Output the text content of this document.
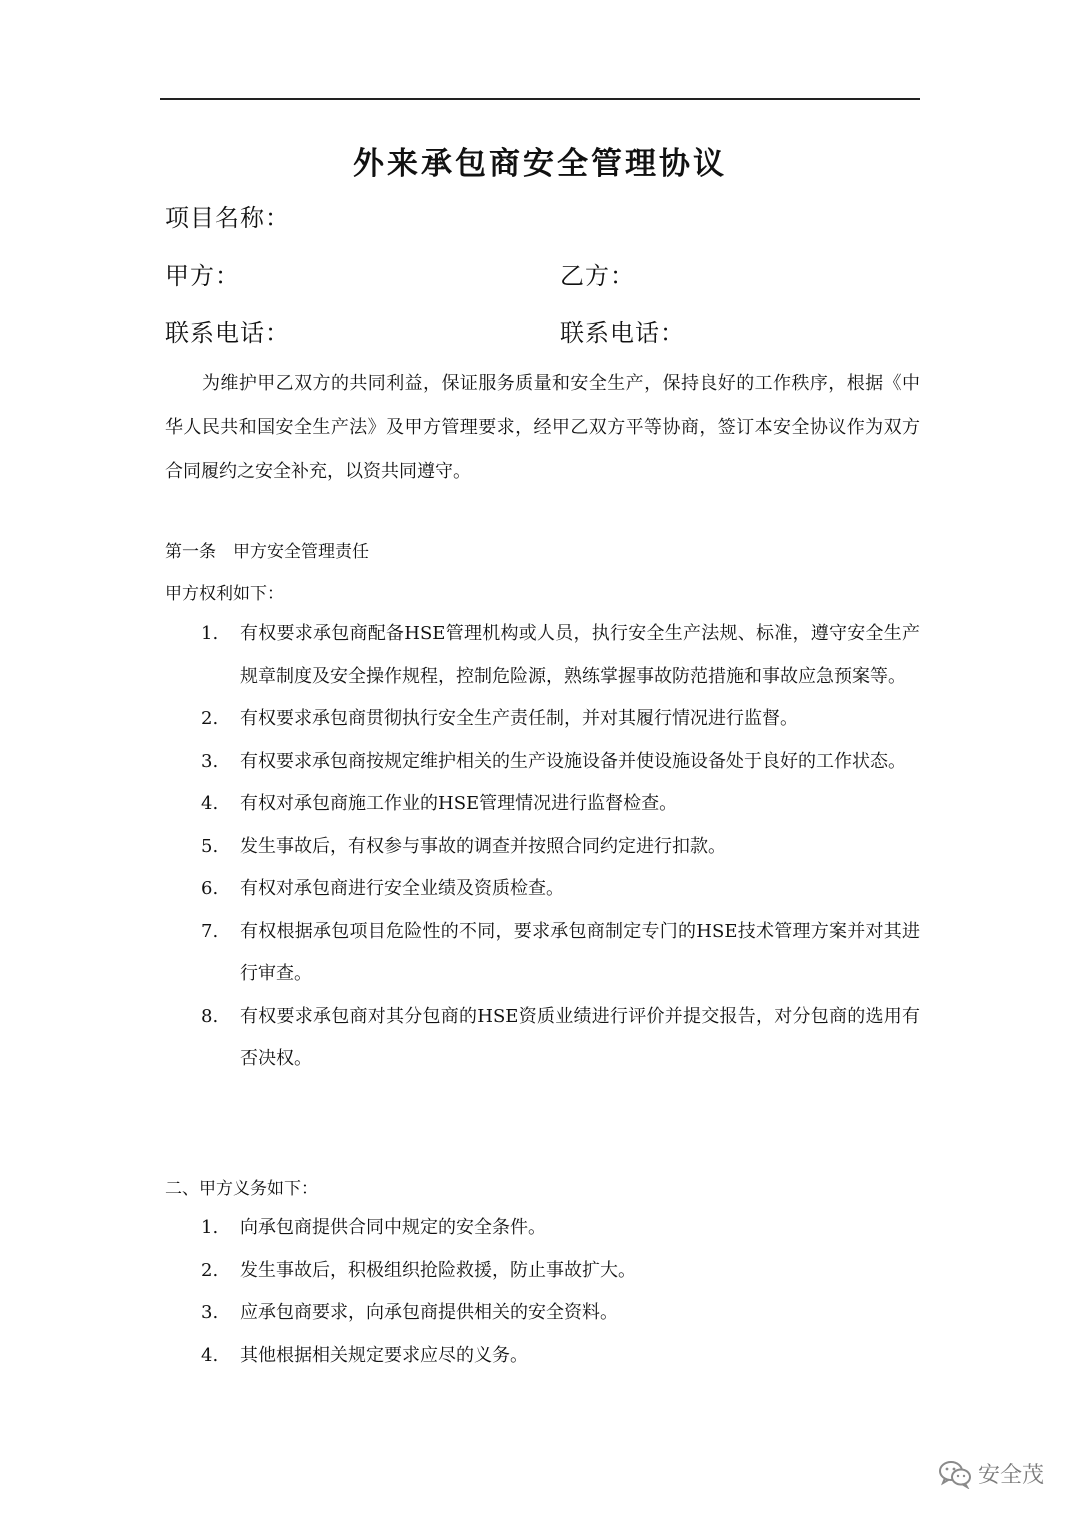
外来承包商安全管理协议
项目名称：
甲方：	乙方：
联系电话：	联系电话：
为维护甲乙双方的共同利益，保证服务质量和安全生产，保持良好的工作秩序，根据《中华人民共和国安全生产法》及甲方管理要求，经甲乙双方平等协商，签订本安全协议作为双方合同履约之安全补充，以资共同遵守。
第一条　甲方安全管理责任
甲方权利如下：
1. 有权要求承包商配备HSE管理机构或人员，执行安全生产法规、标准，遵守安全生产规章制度及安全操作规程，控制危险源，熟练掌握事故防范措施和事故应急预案等。
2. 有权要求承包商贯彻执行安全生产责任制，并对其履行情况进行监督。
3. 有权要求承包商按规定维护相关的生产设施设备并使设施设备处于良好的工作状态。
4. 有权对承包商施工作业的HSE管理情况进行监督检查。
5. 发生事故后，有权参与事故的调查并按照合同约定进行扣款。
6. 有权对承包商进行安全业绩及资质检查。
7. 有权根据承包项目危险性的不同，要求承包商制定专门的HSE技术管理方案并对其进行审查。
8. 有权要求承包商对其分包商的HSE资质业绩进行评价并提交报告，对分包商的选用有否决权。
二、甲方义务如下：
1. 向承包商提供合同中规定的安全条件。
2. 发生事故后，积极组织抢险救援，防止事故扩大。
3. 应承包商要求，向承包商提供相关的安全资料。
4. 其他根据相关规定要求应尽的义务。
安全茂
